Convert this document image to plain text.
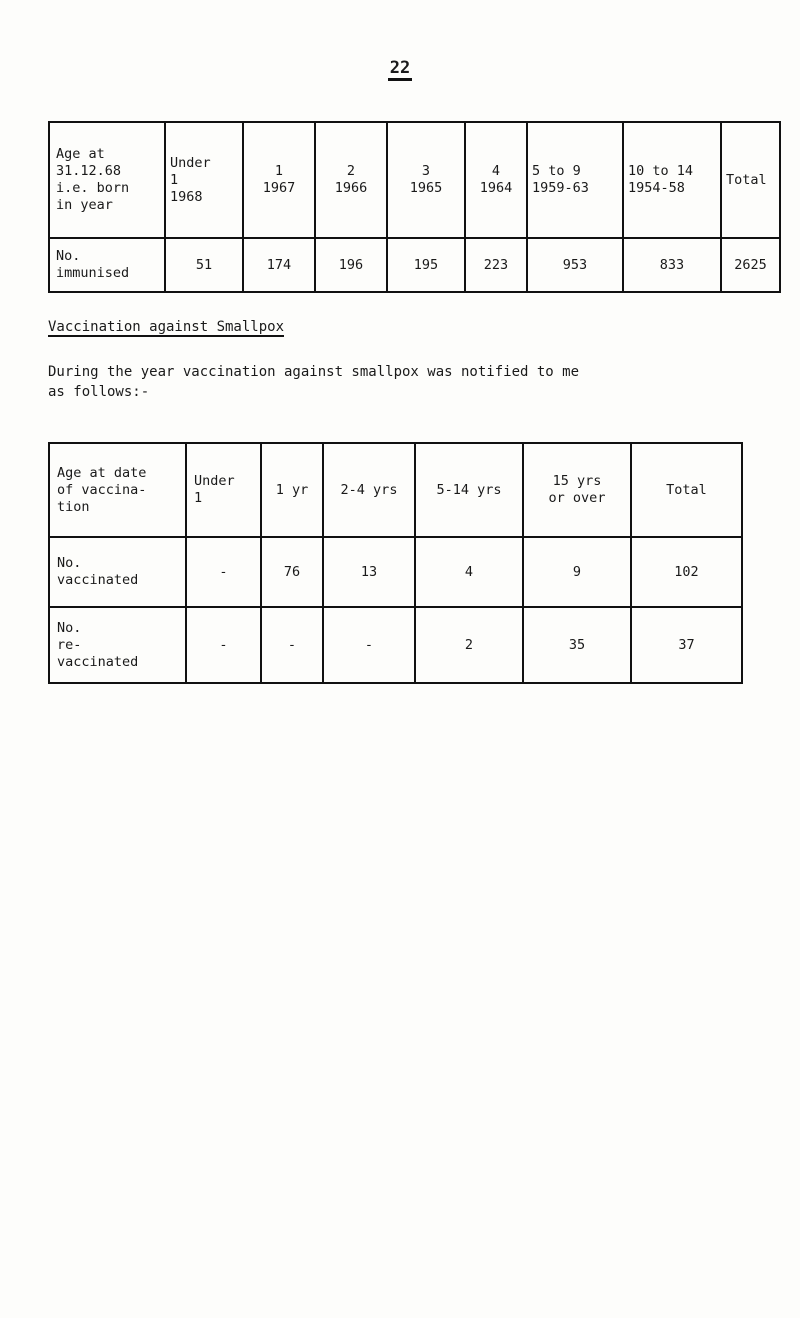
22
Age at
31.12.68
i.e. born
in year	Under
1
1968	1
1967	2
1966	3
1965	4
1964	5 to 9
1959-63	10 to 14
1954-58	Total

No.
immunised	51	174	196	195	223	953	833	2625
Vaccination against Smallpox
During the year vaccination against smallpox was notified to me
as follows:-
Age at date
of vaccina-
tion	Under
1	1 yr	2-4 yrs	5-14 yrs	15 yrs
or over	Total

No.
vaccinated	-	76	13	4	9	102

No.
re-
vaccinated	-	-	-	2	35	37
